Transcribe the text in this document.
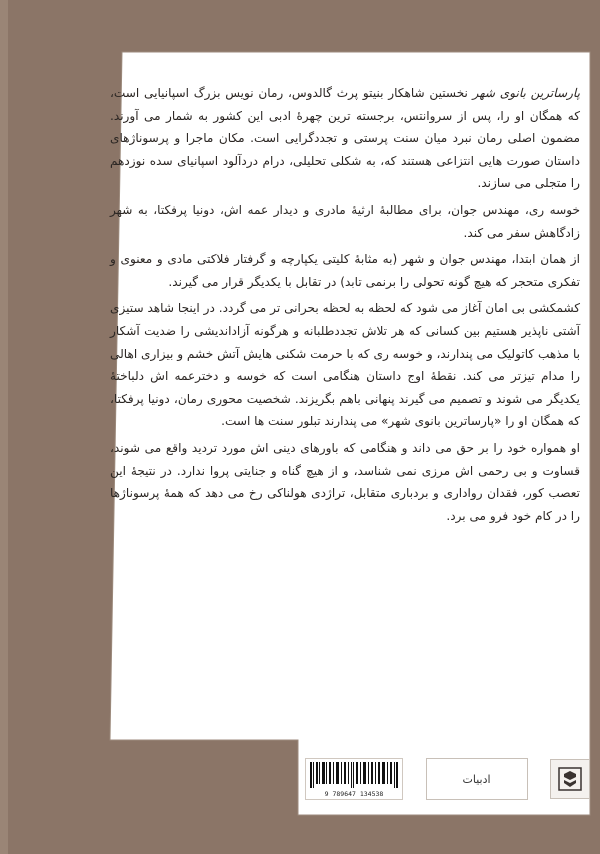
پارساترین بانوی شهر نخستین شاهکار بنیتو پرث گالدوس، رمان نویس بزرگ اسپانیایی است، که همگان او را، پس از سروانتس، برجسته ترین چهرهٔ ادبی این کشور به شمار می آورند. مضمون اصلی رمان نبرد میان سنت پرستی و تجددگرایی است. مکان ماجرا و پرسوناژهای داستان صورت هایی انتزاعی هستند که، به شکلی تحلیلی، درام دردآلود اسپانیای سده نوزدهم را متجلی می سازند.

خوسه ری، مهندس جوان، برای مطالبهٔ ارثیهٔ مادری و دیدار عمه اش، دونیا پرفکتا، به شهر زادگاهش سفر می کند.

از همان ابتدا، مهندس جوان و شهر (به مثابهٔ کلیتی یکپارچه و گرفتار فلاکتی مادی و معنوی و تفکری متحجر که هیچ گونه تحولی را برنمی تابد) در تقابل با یکدیگر قرار می گیرند.

کشمکشی بی امان آغاز می شود که لحظه به لحظه بحرانی تر می گردد. در اینجا شاهد ستیزی آشتی ناپذیر هستیم بین کسانی که هر تلاش تجددطلبانه و هرگونه آزاداندیشی را ضدیت آشکار با مذهب کاتولیک می پندارند، و خوسه ری که با حرمت شکنی هایش آتش خشم و بیزاری اهالی را مدام تیزتر می کند. نقطهٔ اوج داستان هنگامی است که خوسه و دخترعمه اش دلباختهٔ یکدیگر می شوند و تصمیم می گیرند پنهانی باهم بگریزند. شخصیت محوری رمان، دونیا پرفکتا، که همگان او را «پارساترین بانوی شهر» می پندارند تبلور سنت ها است.

او همواره خود را بر حق می داند و هنگامی که باورهای دینی اش مورد تردید واقع می شوند، قساوت و بی رحمی اش مرزی نمی شناسد، و از هیچ گناه و جنایتی پروا ندارد. در نتیجهٔ این تعصب کور، فقدان رواداری و بردباری متقابل، تراژدی هولناکی رخ می دهد که همهٔ پرسوناژها را در کام خود فرو می برد.

9 789647 134538
ادبیات
